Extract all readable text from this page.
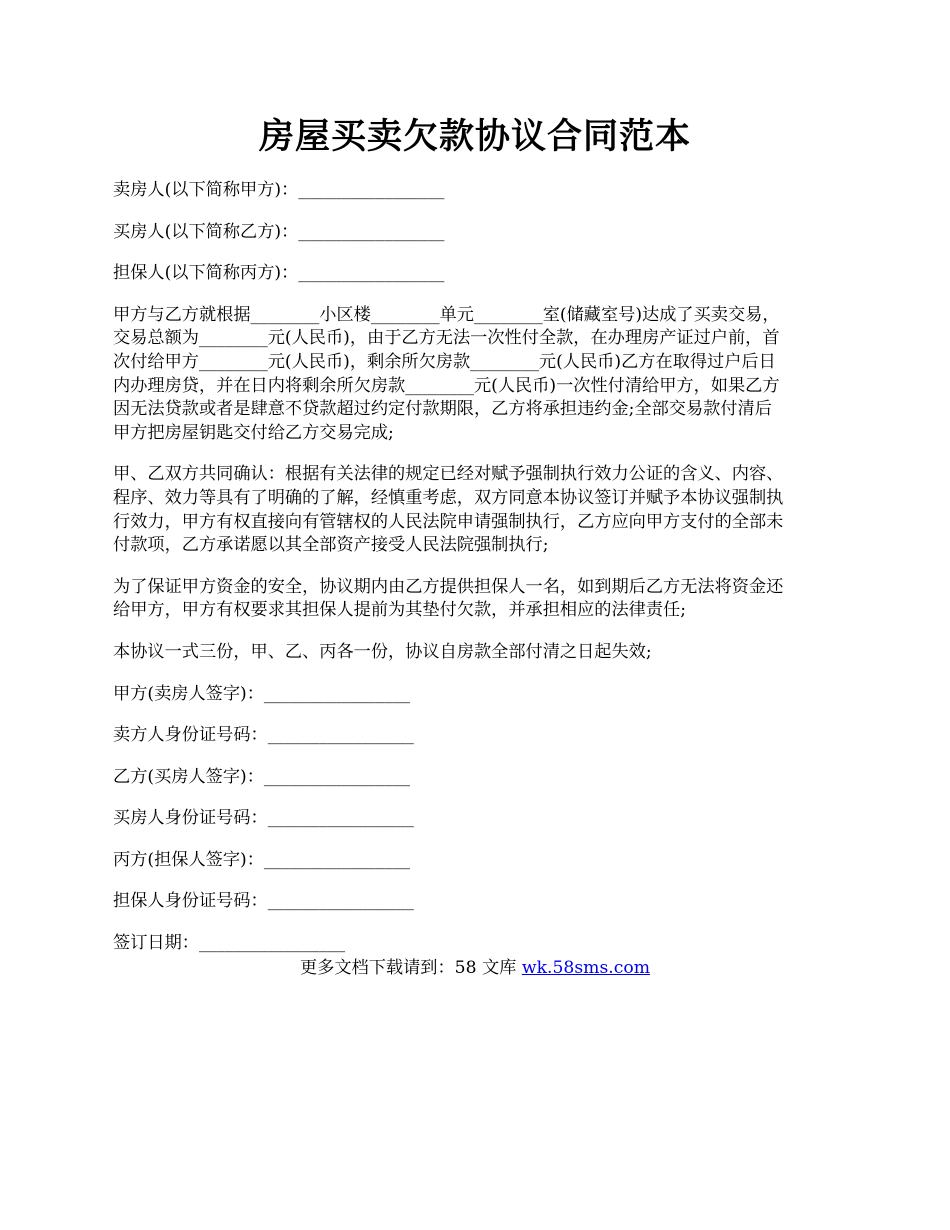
房屋买卖欠款协议合同范本
卖房人(以下简称甲方)：_________________
买房人(以下简称乙方)：_________________
担保人(以下简称丙方)：_________________

甲方与乙方就根据________小区楼________单元________室(储藏室号)达成了买卖交易，

交易总额为________元(人民币)，由于乙方无法一次性付全款，在办理房产证过户前，首

次付给甲方________元(人民币)，剩余所欠房款________元(人民币)乙方在取得过户后日

内办理房贷，并在日内将剩余所欠房款________元(人民币)一次性付清给甲方，如果乙方

因无法贷款或者是肆意不贷款超过约定付款期限，乙方将承担违约金;全部交易款付清后

甲方把房屋钥匙交付给乙方交易完成;

甲、乙双方共同确认：根据有关法律的规定已经对赋予强制执行效力公证的含义、内容、

程序、效力等具有了明确的了解，经慎重考虑，双方同意本协议签订并赋予本协议强制执

行效力，甲方有权直接向有管辖权的人民法院申请强制执行，乙方应向甲方支付的全部未

付款项，乙方承诺愿以其全部资产接受人民法院强制执行;

为了保证甲方资金的安全，协议期内由乙方提供担保人一名，如到期后乙方无法将资金还

给甲方，甲方有权要求其担保人提前为其垫付欠款，并承担相应的法律责任;

本协议一式三份，甲、乙、丙各一份，协议自房款全部付清之日起失效;
甲方(卖房人签字)：_________________
卖方人身份证号码：_________________
乙方(买房人签字)：_________________
买房人身份证号码：_________________
丙方(担保人签字)：_________________
担保人身份证号码：_________________
签订日期：_________________
更多文档下载请到：58 文库 wk.58sms.com
